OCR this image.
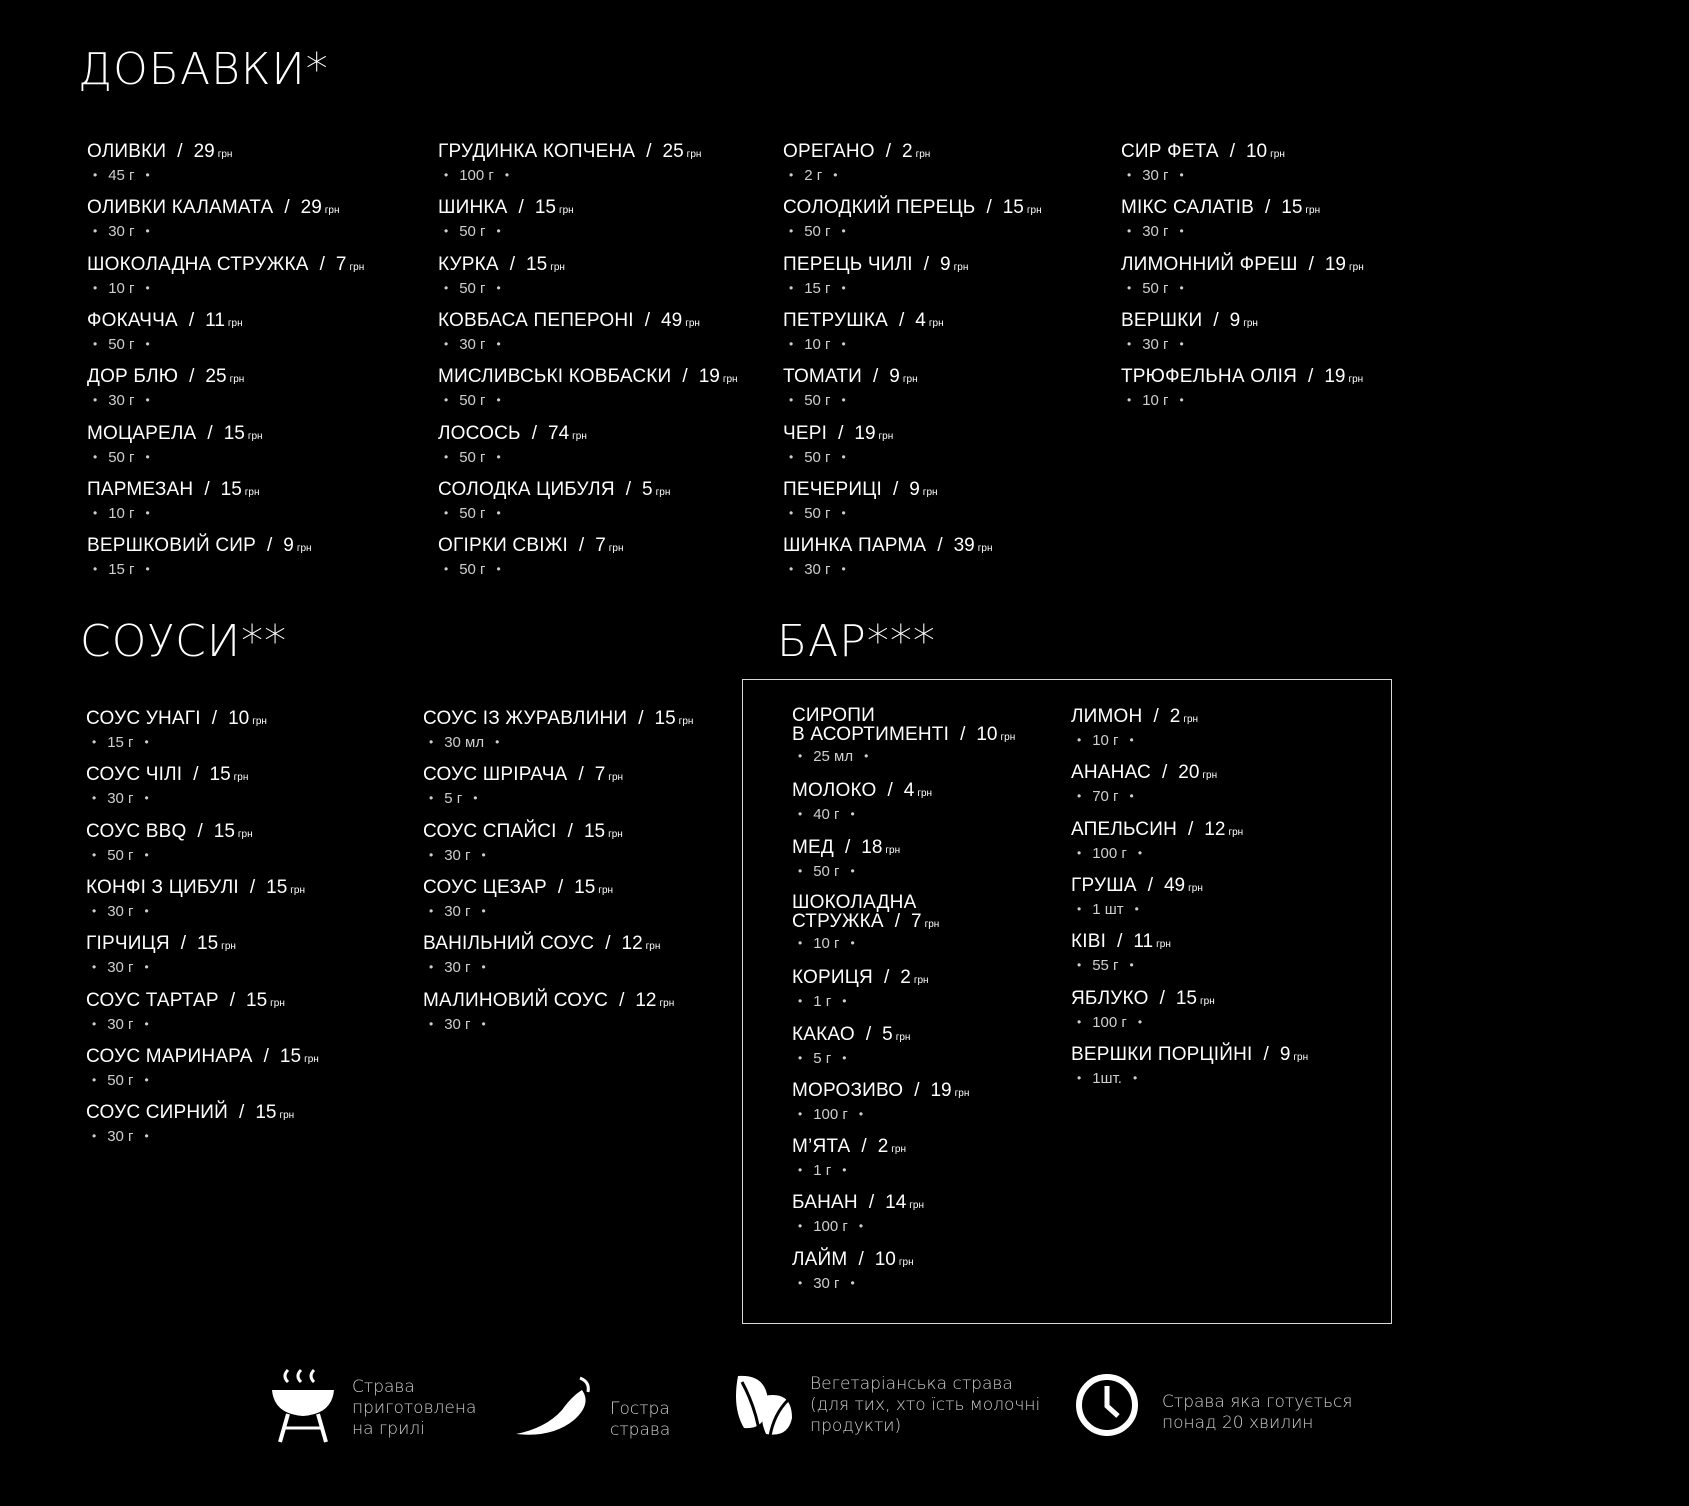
ДОБАВКИ*
ОЛИВКИ / 29 грн
• 45 г •
ОЛИВКИ КАЛАМАТА / 29 грн
• 30 г •
ШОКОЛАДНА СТРУЖКА / 7 грн
• 10 г •
ФОКАЧЧА / 11 грн
• 50 г •
ДОР БЛЮ / 25 грн
• 30 г •
МОЦАРЕЛА / 15 грн
• 50 г •
ПАРМЕЗАН / 15 грн
• 10 г •
ВЕРШКОВИЙ СИР / 9 грн
• 15 г •
ГРУДИНКА КОПЧЕНА / 25 грн
• 100 г •
ШИНКА / 15 грн
• 50 г •
КУРКА / 15 грн
• 50 г •
КОВБАСА ПЕПЕРОНІ / 49 грн
• 30 г •
МИСЛИВСЬКІ КОВБАСКИ / 19 грн
• 50 г •
ЛОСОСЬ / 74 грн
• 50 г •
СОЛОДКА ЦИБУЛЯ / 5 грн
• 50 г •
ОГІРКИ СВІЖІ / 7 грн
• 50 г •
ОРЕГАНО / 2 грн
• 2 г •
СОЛОДКИЙ ПЕРЕЦЬ / 15 грн
• 50 г •
ПЕРЕЦЬ ЧИЛІ / 9 грн
• 15 г •
ПЕТРУШКА / 4 грн
• 10 г •
ТОМАТИ / 9 грн
• 50 г •
ЧЕРІ / 19 грн
• 50 г •
ПЕЧЕРИЦІ / 9 грн
• 50 г •
ШИНКА ПАРМА / 39 грн
• 30 г •
СИР ФЕТА / 10 грн
• 30 г •
МІКС САЛАТІВ / 15 грн
• 30 г •
ЛИМОННИЙ ФРЕШ / 19 грн
• 50 г •
ВЕРШКИ / 9 грн
• 30 г •
ТРЮФЕЛЬНА ОЛІЯ / 19 грн
• 10 г •
СОУСИ**
СОУС УНАГІ / 10 грн
• 15 г •
СОУС ЧІЛІ / 15 грн
• 30 г •
СОУС BBQ / 15 грн
• 50 г •
КОНФІ З ЦИБУЛІ / 15 грн
• 30 г •
ГІРЧИЦЯ / 15 грн
• 30 г •
СОУС ТАРТАР / 15 грн
• 30 г •
СОУС МАРИНАРА / 15 грн
• 50 г •
СОУС СИРНИЙ / 15 грн
• 30 г •
СОУС ІЗ ЖУРАВЛИНИ / 15 грн
• 30 мл •
СОУС ШРІРАЧА / 7 грн
• 5 г •
СОУС СПАЙСІ / 15 грн
• 30 г •
СОУС ЦЕЗАР / 15 грн
• 30 г •
ВАНІЛЬНИЙ СОУС / 12 грн
• 30 г •
МАЛИНОВИЙ СОУС / 12 грн
• 30 г •
БАР***
СИРОПИ
В АСОРТИМЕНТІ / 10 грн
• 25 мл •
МОЛОКО / 4 грн
• 40 г •
МЕД / 18 грн
• 50 г •
ШОКОЛАДНА
СТРУЖКА / 7 грн
• 10 г •
КОРИЦЯ / 2 грн
• 1 г •
КАКАО / 5 грн
• 5 г •
МОРОЗИВО / 19 грн
• 100 г •
М’ЯТА / 2 грн
• 1 г •
БАНАН / 14 грн
• 100 г •
ЛАЙМ / 10 грн
• 30 г •
ЛИМОН / 2 грн
• 10 г •
АНАНАС / 20 грн
• 70 г •
АПЕЛЬСИН / 12 грн
• 100 г •
ГРУША / 49 грн
• 1 шт •
КІВІ / 11 грн
• 55 г •
ЯБЛУКО / 15 грн
• 100 г •
ВЕРШКИ ПОРЦІЙНІ / 9 грн
• 1шт. •
Страва
приготовлена
на грилі
Гостра
страва
Вегетаріанська страва
(для тих, хто їсть молочні
продукти)
Страва яка готується
понад 20 хвилин
